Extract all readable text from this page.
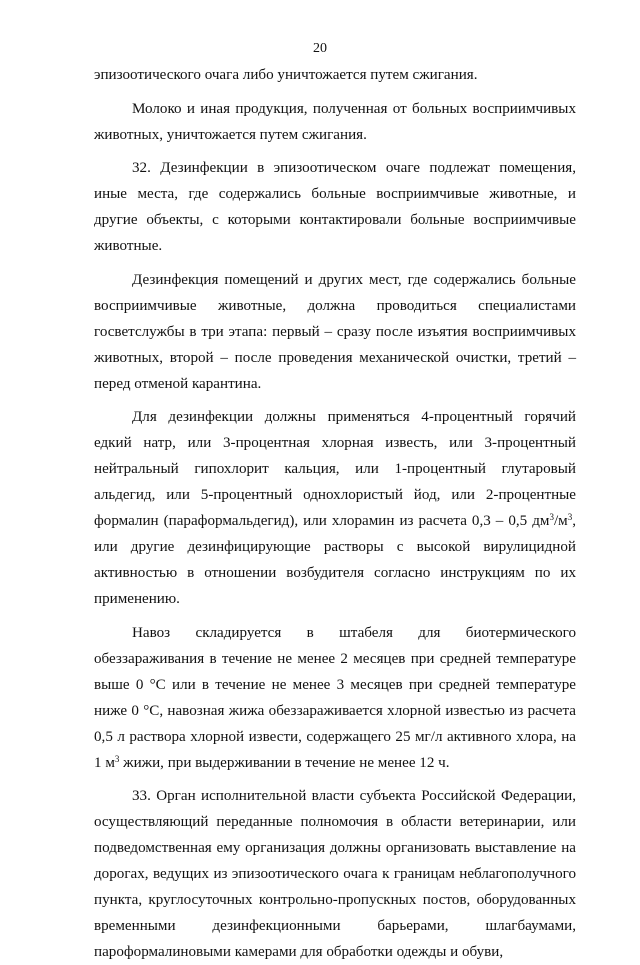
20

эпизоотического очага либо уничтожается путем сжигания.

Молоко и иная продукция, полученная от больных восприимчивых животных, уничтожается путем сжигания.

32. Дезинфекции в эпизоотическом очаге подлежат помещения, иные места, где содержались больные восприимчивые животные, и другие объекты, с которыми контактировали больные восприимчивые животные.

Дезинфекция помещений и других мест, где содержались больные восприимчивые животные, должна проводиться специалистами госветслужбы в три этапа: первый – сразу после изъятия восприимчивых животных, второй – после проведения механической очистки, третий – перед отменой карантина.

Для дезинфекции должны применяться 4-процентный горячий едкий натр, или 3-процентная хлорная известь, или 3-процентный нейтральный гипохлорит кальция, или 1-процентный глутаровый альдегид, или 5-процентный однохлористый йод, или 2-процентные формалин (параформальдегид), или хлорамин из расчета 0,3 – 0,5 $дм^3/м^3$, или другие дезинфицирующие растворы с высокой вирулицидной активностью в отношении возбудителя согласно инструкциям по их применению.

Навоз складируется в штабеля для биотермического обеззараживания в течение не менее 2 месяцев при средней температуре выше 0 °С или в течение не менее 3 месяцев при средней температуре ниже 0 °С, навозная жижа обеззараживается хлорной известью из расчета 0,5 л раствора хлорной извести, содержащего 25 мг/л активного хлора, на 1 $м^3$ жижи, при выдерживании в течение не менее 12 ч.

33. Орган исполнительной власти субъекта Российской Федерации, осуществляющий переданные полномочия в области ветеринарии, или подведомственная ему организация должны организовать выставление на дорогах, ведущих из эпизоотического очага к границам неблагополучного пункта, круглосуточных контрольно-пропускных постов, оборудованных временными дезинфекционными барьерами, шлагбаумами, пароформалиновыми камерами для обработки одежды и обуви,
